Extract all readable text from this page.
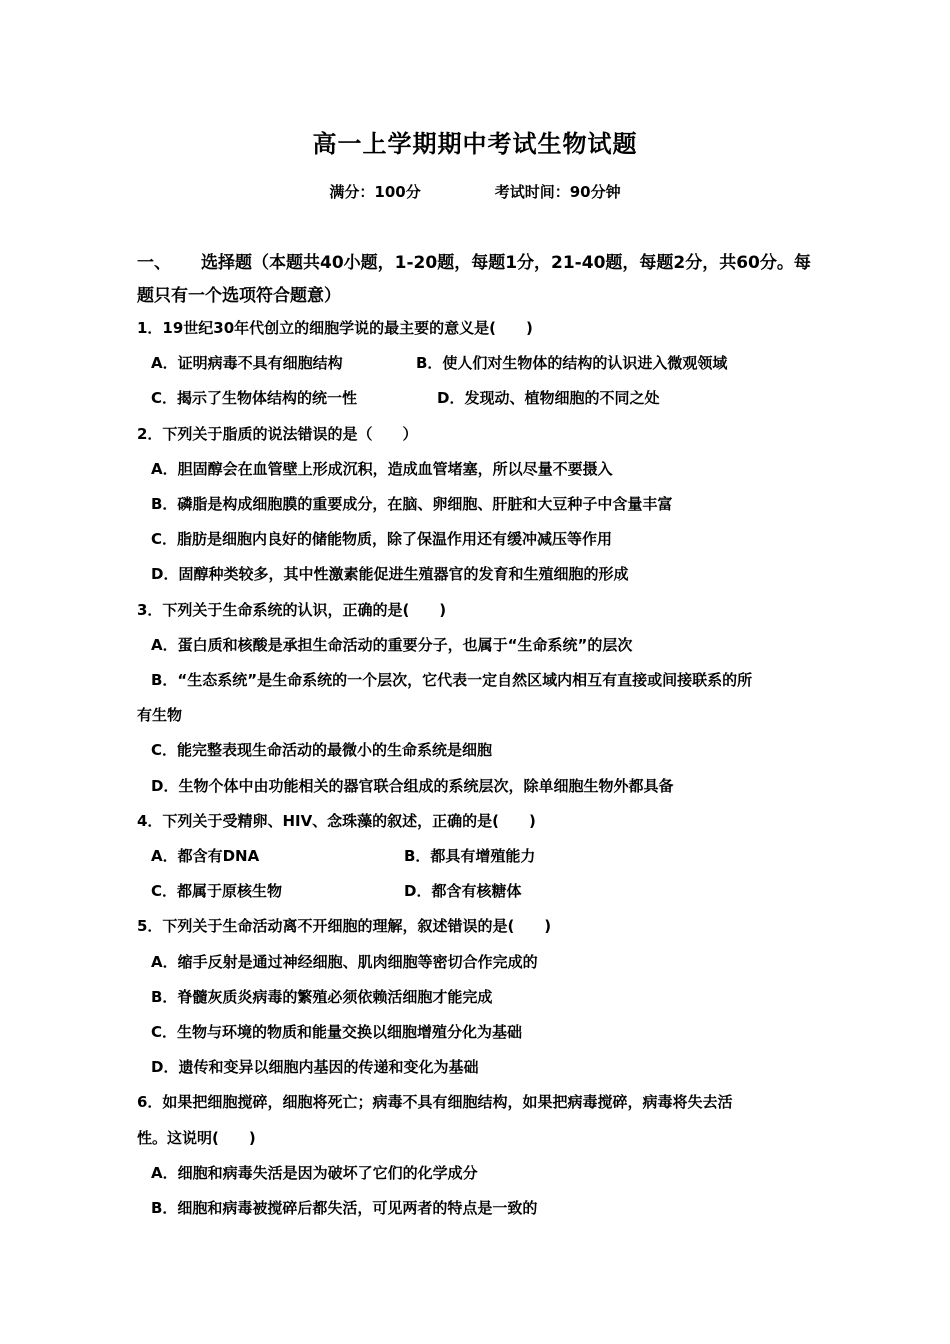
高一上学期期中考试生物试题
满分：100分	考试时间：90分钟
一、 选择题（本题共40小题，1-20题，每题1分，21-40题，每题2分，共60分。每题只有一个选项符合题意）

1．19世纪30年代创立的细胞学说的最主要的意义是(　　)

A．证明病毒不具有细胞结构	B．使人们对生物体的结构的认识进入微观领域
C．揭示了生物体结构的统一性	D．发现动、植物细胞的不同之处

2．下列关于脂质的说法错误的是（　　）

A．胆固醇会在血管壁上形成沉积，造成血管堵塞，所以尽量不要摄入

B．磷脂是构成细胞膜的重要成分，在脑、卵细胞、肝脏和大豆种子中含量丰富

C．脂肪是细胞内良好的储能物质，除了保温作用还有缓冲减压等作用

D．固醇种类较多，其中性激素能促进生殖器官的发育和生殖细胞的形成

3．下列关于生命系统的认识，正确的是(　　)

A．蛋白质和核酸是承担生命活动的重要分子，也属于“生命系统”的层次

B．“生态系统”是生命系统的一个层次，它代表一定自然区域内相互有直接或间接联系的所

有生物

C．能完整表现生命活动的最微小的生命系统是细胞

D．生物个体中由功能相关的器官联合组成的系统层次，除单细胞生物外都具备

4．下列关于受精卵、HIV、念珠藻的叙述，正确的是(　　)

A．都含有DNA	B．都具有增殖能力
C．都属于原核生物	D．都含有核糖体

5．下列关于生命活动离不开细胞的理解，叙述错误的是(　　)

A．缩手反射是通过神经细胞、肌肉细胞等密切合作完成的

B．脊髓灰质炎病毒的繁殖必须依赖活细胞才能完成

C．生物与环境的物质和能量交换以细胞增殖分化为基础

D．遗传和变异以细胞内基因的传递和变化为基础

6．如果把细胞搅碎，细胞将死亡；病毒不具有细胞结构，如果把病毒搅碎，病毒将失去活

性。这说明(　　)

A．细胞和病毒失活是因为破坏了它们的化学成分

B．细胞和病毒被搅碎后都失活，可见两者的特点是一致的
